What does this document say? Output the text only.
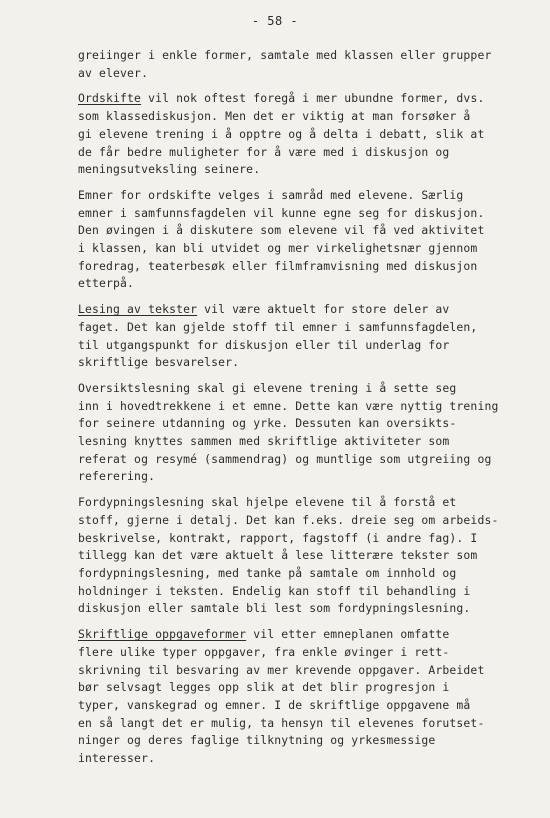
- 58 -
greiinger i enkle former, samtale med klassen eller grupper
av elever.
Ordskifte vil nok oftest foregå i mer ubundne former, dvs.
som klassediskusjon. Men det er viktig at man forsøker å
gi elevene trening i å opptre og å delta i debatt, slik at
de får bedre muligheter for å være med i diskusjon og
meningsutveksling seinere.
Emner for ordskifte velges i samråd med elevene. Særlig
emner i samfunnsfagdelen vil kunne egne seg for diskusjon.
Den øvingen i å diskutere som elevene vil få ved aktivitet
i klassen, kan bli utvidet og mer virkelighetsnær gjennom
foredrag, teaterbesøk eller filmframvisning med diskusjon
etterpå.
Lesing av tekster vil være aktuelt for store deler av
faget. Det kan gjelde stoff til emner i samfunnsfagdelen,
til utgangspunkt for diskusjon eller til underlag for
skriftlige besvarelser.
Oversiktslesning skal gi elevene trening i å sette seg
inn i hovedtrekkene i et emne. Dette kan være nyttig trening
for seinere utdanning og yrke. Dessuten kan oversikts-
lesning knyttes sammen med skriftlige aktiviteter som
referat og resymé (sammendrag) og muntlige som utgreiing og
referering.
Fordypningslesning skal hjelpe elevene til å forstå et
stoff, gjerne i detalj. Det kan f.eks. dreie seg om arbeids-
beskrivelse, kontrakt, rapport, fagstoff (i andre fag). I
tillegg kan det være aktuelt å lese litterære tekster som
fordypningslesning, med tanke på samtale om innhold og
holdninger i teksten. Endelig kan stoff til behandling i
diskusjon eller samtale bli lest som fordypningslesning.
Skriftlige oppgaveformer vil etter emneplanen omfatte
flere ulike typer oppgaver, fra enkle øvinger i rett-
skrivning til besvaring av mer krevende oppgaver. Arbeidet
bør selvsagt legges opp slik at det blir progresjon i
typer, vanskegrad og emner. I de skriftlige oppgavene må
en så langt det er mulig, ta hensyn til elevenes forutset-
ninger og deres faglige tilknytning og yrkesmessige
interesser.
